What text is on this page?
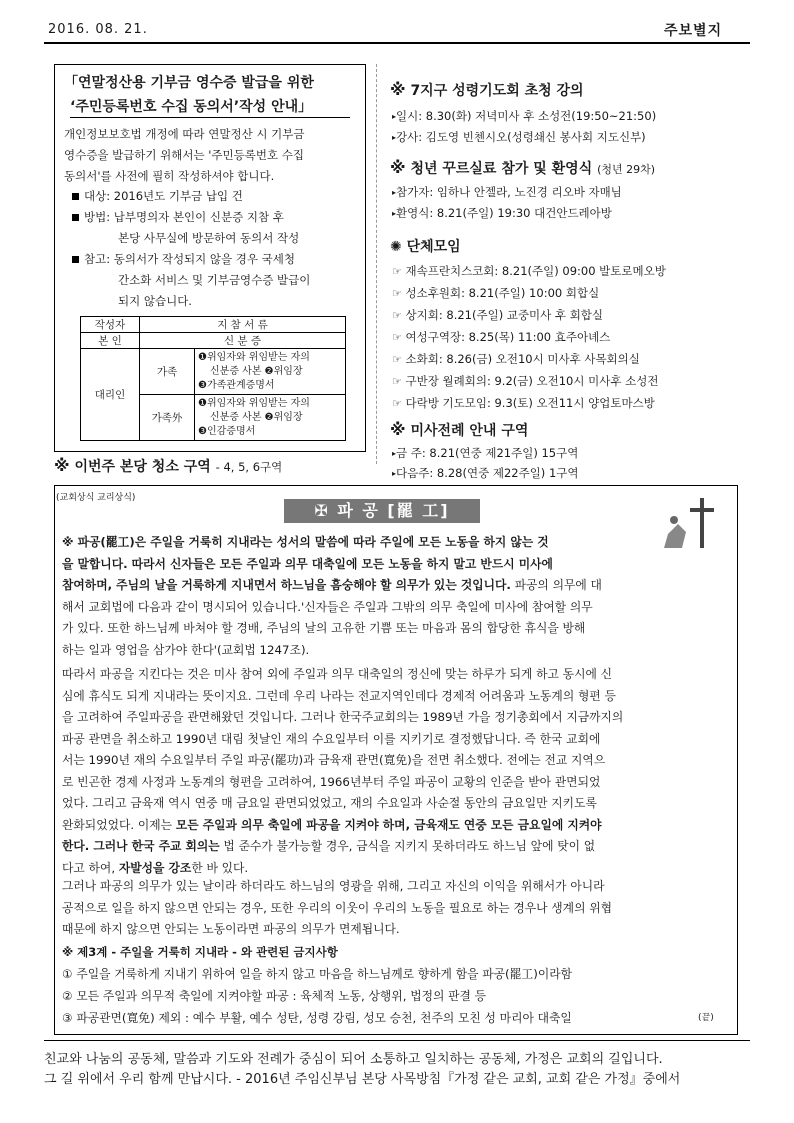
2016. 08. 21.	주보별지
「연말정산용 기부금 영수증 발급을 위한
‘주민등록번호 수집 동의서’작성 안내」
개인정보보호법 개정에 따라 연말정산 시 기부금
영수증을 발급하기 위해서는 '주민등록번호 수집
동의서'를 사전에 필히 작성하셔야 합니다.
대상: 2016년도 기부금 납입 건
방법: 납부명의자 본인이 신분증 지참 후
본당 사무실에 방문하여 동의서 작성
참고: 동의서가 작성되지 않을 경우 국세청
간소화 서비스 및 기부금영수증 발급이
되지 않습니다.
작성자	지 참 서 류	
본 인	신 분 증	
대리인	가족	❶위임자와 위임받는 자의
신분증 사본 ❷위임장
❸가족관계증명서

	가족外	❶위임자와 위임받는 자의
신분증 사본 ❷위임장
❸인감증명서
※ 이번주 본당 청소 구역 - 4, 5, 6구역
※ 7지구 성령기도회 초청 강의
▸일시: 8.30(화) 저녁미사 후 소성전(19:50~21:50)
▸강사: 김도영 빈첸시오(성령쇄신 봉사회 지도신부)
※ 청년 꾸르실료 참가 및 환영식 (청년 29차)
▸참가자: 임하나 안젤라, 노진경 리오바 자매님
▸환영식: 8.21(주일) 19:30 대건안드레아방
✺ 단체모임
☞ 재속프란치스코회: 8.21(주일) 09:00 발토로메오방
☞ 성소후원회: 8.21(주일) 10:00 회합실
☞ 상지회: 8.21(주일) 교중미사 후 회합실
☞ 여성구역장: 8.25(목) 11:00 효주아녜스
☞ 소화회: 8.26(금) 오전10시 미사후 사목회의실
☞ 구반장 월례회의: 9.2(금) 오전10시 미사후 소성전
☞ 다락방 기도모임: 9.3(토) 오전11시 양업토마스방
※ 미사전례 안내 구역
▸금 주: 8.21(연중 제21주일) 15구역
▸다음주: 8.28(연중 제22주일) 1구역
(교회상식 교리상식)
✠ 파 공 [罷 工]
※ 파공(罷工)은 주일을 거룩히 지내라는 성서의 말씀에 따라 주일에 모든 노동을 하지 않는 것
을 말합니다. 따라서 신자들은 모든 주일과 의무 대축일에 모든 노동을 하지 말고 반드시 미사에
참여하며, 주님의 날을 거룩하게 지내면서 하느님을 흠숭해야 할 의무가 있는 것입니다. 파공의 의무에 대
해서 교회법에 다음과 같이 명시되어 있습니다.'신자들은 주일과 그밖의 의무 축일에 미사에 참여할 의무
가 있다. 또한 하느님께 바쳐야 할 경배, 주님의 날의 고유한 기쁨 또는 마음과 몸의 합당한 휴식을 방해
하는 일과 영업을 삼가야 한다'(교회법 1247조).
따라서 파공을 지킨다는 것은 미사 참여 외에 주일과 의무 대축일의 정신에 맞는 하루가 되게 하고 동시에 신
심에 휴식도 되게 지내라는 뜻이지요. 그런데 우리 나라는 전교지역인데다 경제적 어려움과 노동계의 형편 등
을 고려하여 주일파공을 관면해왔던 것입니다. 그러나 한국주교회의는 1989년 가을 정기총회에서 지금까지의
파공 관면을 취소하고 1990년 대림 첫날인 재의 수요일부터 이를 지키기로 결정했답니다. 즉 한국 교회에
서는 1990년 재의 수요일부터 주일 파공(罷功)과 금육재 관면(寬免)을 전면 취소했다. 전에는 전교 지역으
로 빈곤한 경제 사정과 노동계의 형편을 고려하여, 1966년부터 주일 파공이 교황의 인준을 받아 관면되었
었다. 그리고 금육재 역시 연중 매 금요일 관면되었었고, 재의 수요일과 사순절 동안의 금요일만 지키도록
완화되었었다. 이제는 모든 주일과 의무 축일에 파공을 지켜야 하며, 금육재도 연중 모든 금요일에 지켜야
한다. 그러나 한국 주교 회의는 법 준수가 불가능할 경우, 금식을 지키지 못하더라도 하느님 앞에 탓이 없
다고 하여, 자발성을 강조한 바 있다.
그러나 파공의 의무가 있는 날이라 하더라도 하느님의 영광을 위해, 그리고 자신의 이익을 위해서가 아니라
공적으로 일을 하지 않으면 안되는 경우, 또한 우리의 이웃이 우리의 노동을 필요로 하는 경우나 생계의 위협
때문에 하지 않으면 안되는 노동이라면 파공의 의무가 면제됩니다.
※ 제3계 - 주일을 거룩히 지내라 - 와 관련된 금지사항
① 주일을 거룩하게 지내기 위하여 일을 하지 않고 마음을 하느님께로 향하게 함을 파공(罷工)이라함
② 모든 주일과 의무적 축일에 지켜야할 파공 : 육체적 노동, 상행위, 법정의 판결 등
③ 파공관면(寬免) 제외 : 예수 부활, 예수 성탄, 성령 강림, 성모 승천, 천주의 모친 성 마리아 대축일	(끝)
친교와 나눔의 공동체, 말씀과 기도와 전례가 중심이 되어 소통하고 일치하는 공동체, 가정은 교회의 길입니다.
그 길 위에서 우리 함께 만납시다. - 2016년 주임신부님 본당 사목방침『가정 같은 교회, 교회 같은 가정』중에서
